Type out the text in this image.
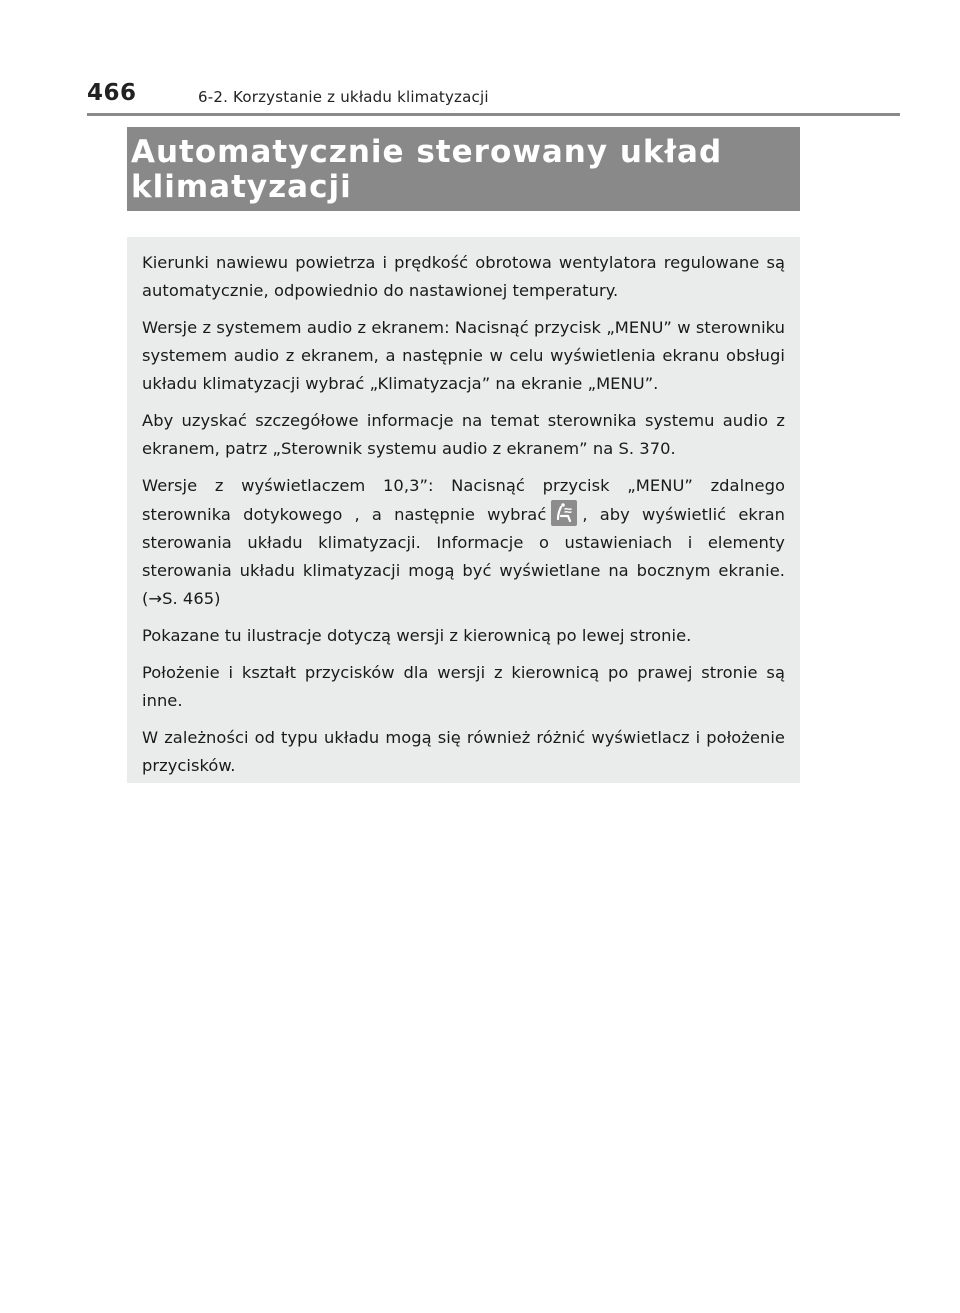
466	6-2. Korzystanie z układu klimatyzacji
Automatycznie sterowany układ
klimatyzacji

Kierunki nawiewu powietrza i prędkość obrotowa wentylatora regulowane są automatycznie, odpowiednio do nastawionej temperatury.

Wersje z systemem audio z ekranem: Nacisnąć przycisk „MENU” w sterowniku systemem audio z ekranem, a następnie w celu wyświetlenia ekranu obsługi układu klimatyzacji wybrać „Klimatyzacja” na ekranie „MENU”.

Aby uzyskać szczegółowe informacje na temat sterownika systemu audio z ekranem, patrz „Sterownik systemu audio z ekranem” na S. 370.

Wersje z wyświetlaczem 10,3”: Nacisnąć przycisk „MENU” zdalnego sterownika dotykowego , a następnie wybrać , aby wyświetlić ekran sterowania układu klimatyzacji. Informacje o ustawieniach i elementy sterowania układu klimatyzacji mogą być wyświetlane na bocznym ekranie. (→S. 465)

Pokazane tu ilustracje dotyczą wersji z kierownicą po lewej stronie.

Położenie i kształt przycisków dla wersji z kierownicą po prawej stronie są inne.

W zależności od typu układu mogą się również różnić wyświetlacz i położenie przycisków.
